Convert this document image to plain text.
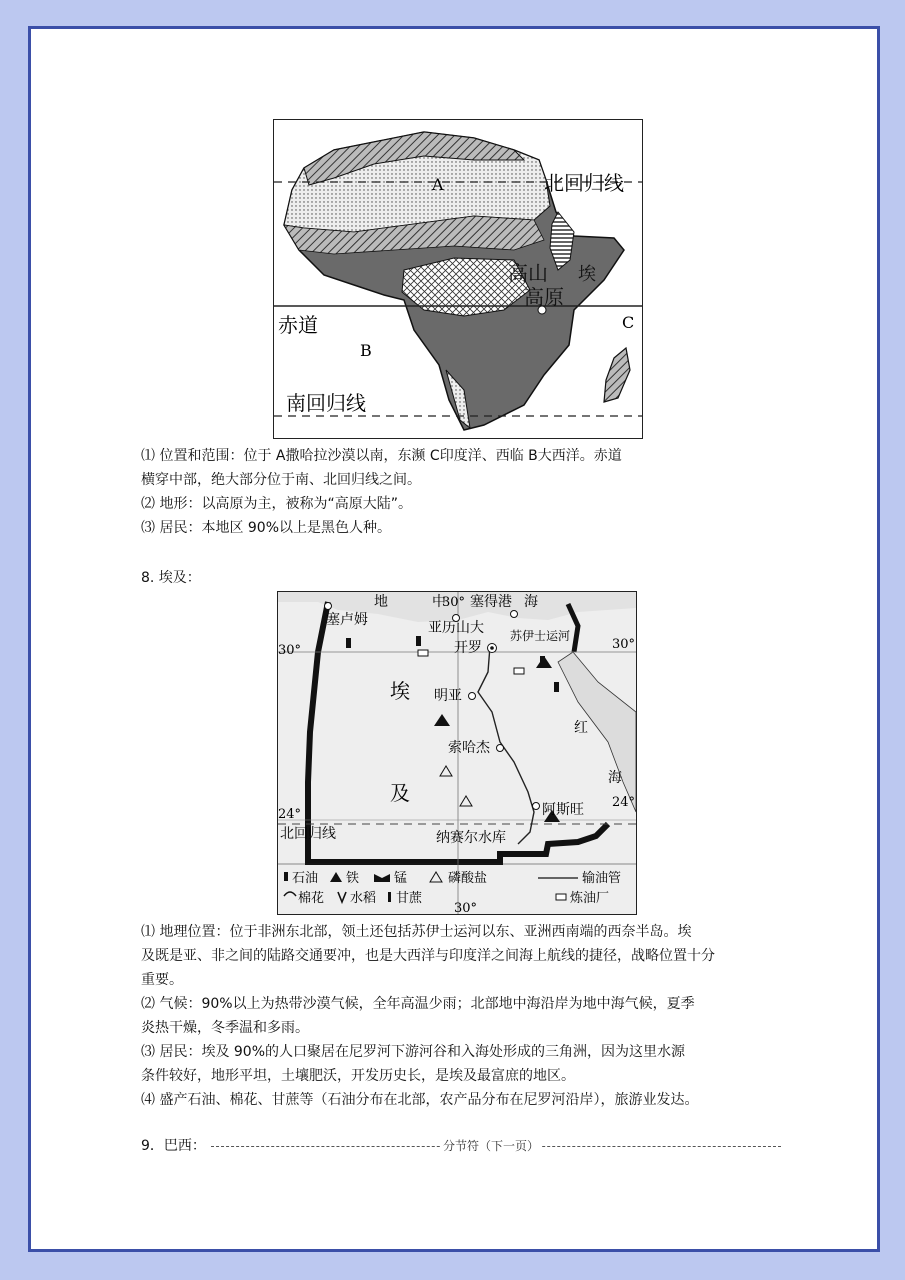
A
B
C
北回归线
赤道
南回归线
高山 埃
高原

⑴ 位置和范围：位于 A撒哈拉沙漠以南，东濒 C印度洋、西临 B大西洋。赤道

横穿中部，绝大部分位于南、北回归线之间。

⑵ 地形：以高原为主，被称为“高原大陆”。

⑶ 居民：本地区 90%以上是黑色人种。

8. 埃及：
地	中	海
30° 塞得港
塞卢姆	亚历山大 苏伊士运河
开罗
30°	30°
埃
及
明亚
索哈杰
红
海
阿斯旺
24°
24°
北回归线	纳赛尔水库
30°
石油 铁	锰	磷酸盐	输油管
棉花 水稻 甘蔗	炼油厂

⑴ 地理位置：位于非洲东北部，领土还包括苏伊士运河以东、亚洲西南端的西奈半岛。埃

及既是亚、非之间的陆路交通要冲，也是大西洋与印度洋之间海上航线的捷径，战略位置十分

重要。

⑵ 气候：90%以上为热带沙漠气候，全年高温少雨；北部地中海沿岸为地中海气候，夏季

炎热干燥，冬季温和多雨。

⑶ 居民：埃及 90%的人口聚居在尼罗河下游河谷和入海处形成的三角洲，因为这里水源

条件较好，地形平坦，土壤肥沃，开发历史长，是埃及最富庶的地区。

⑷ 盛产石油、棉花、甘蔗等（石油分布在北部，农产品分布在尼罗河沿岸），旅游业发达。

9．巴西：	分节符（下一页）
